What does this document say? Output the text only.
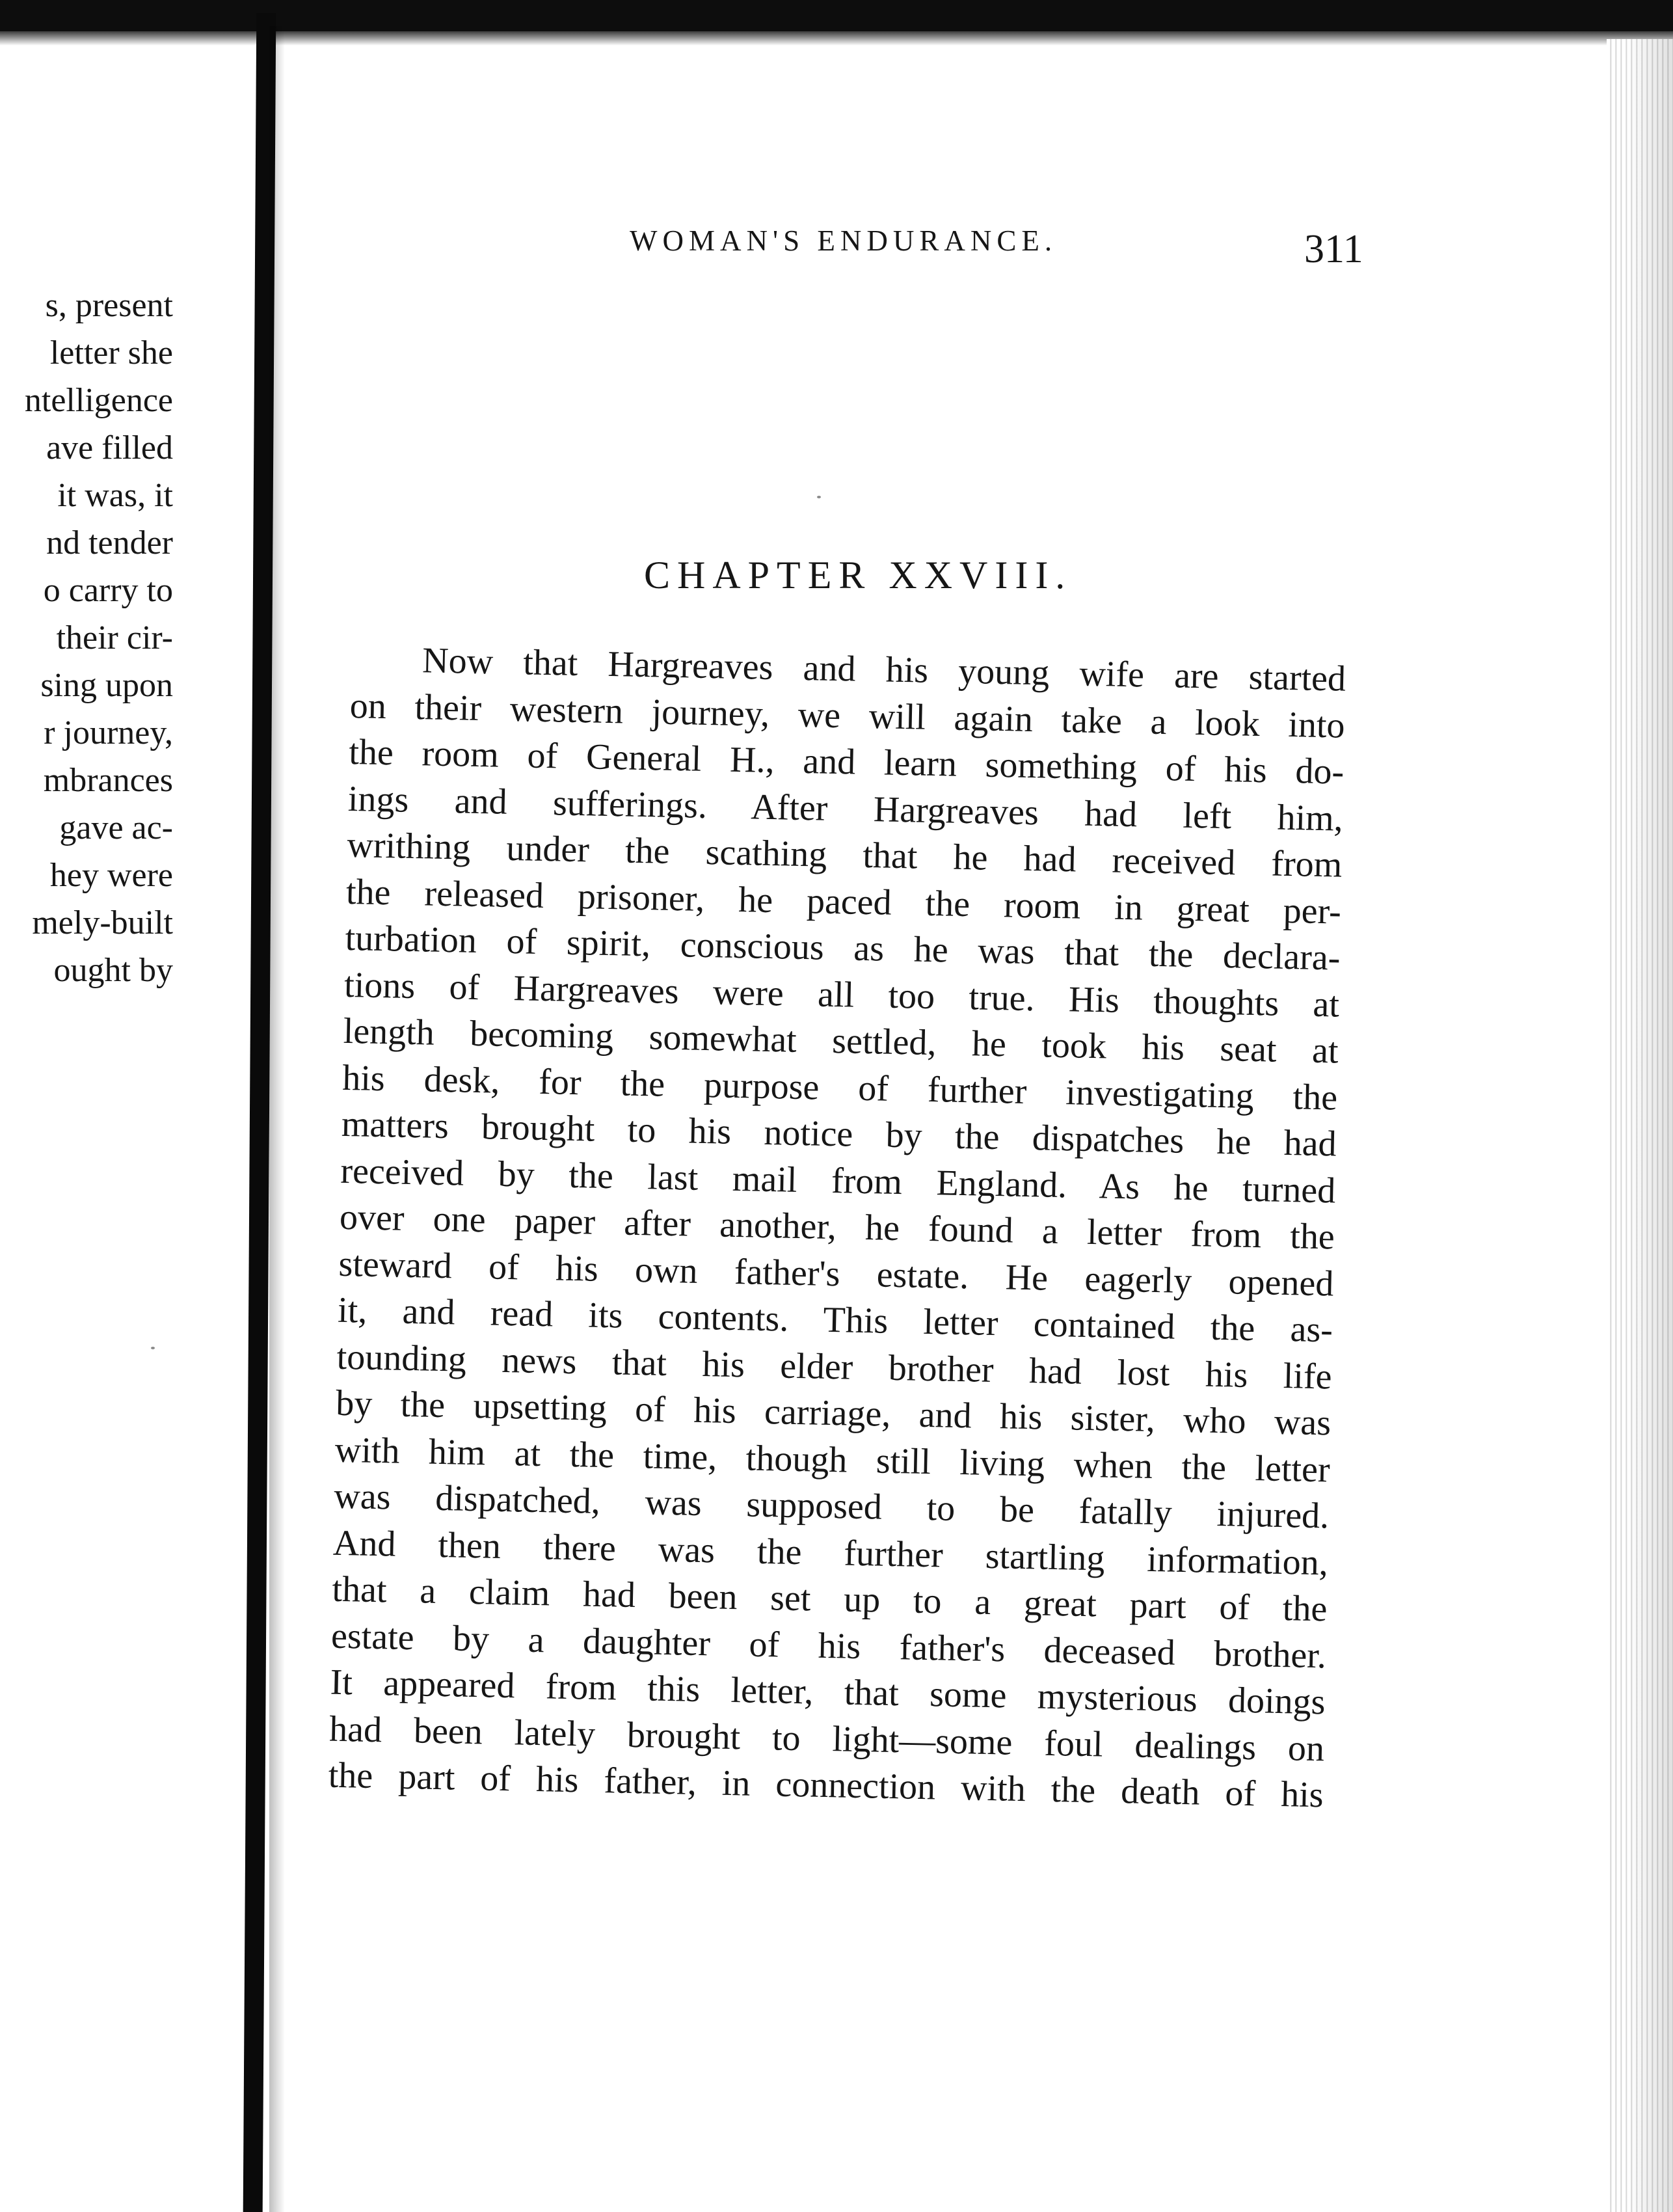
s, present
letter she
ntelligence
ave filled
it was, it
nd tender
o carry to
their cir-
sing upon
r journey,
mbrances
gave ac-
hey were
mely-built
ought by
WOMAN'S ENDURANCE.	311
CHAPTER XXVIII.
Now that Hargreaves and his young wife are started
on their western journey, we will again take a look into
the room of General H., and learn something of his do-
ings and sufferings. After Hargreaves had left him,
writhing under the scathing that he had received from
the released prisoner, he paced the room in great per-
turbation of spirit, conscious as he was that the declara-
tions of Hargreaves were all too true. His thoughts at
length becoming somewhat settled, he took his seat at
his desk, for the purpose of further investigating the
matters brought to his notice by the dispatches he had
received by the last mail from England. As he turned
over one paper after another, he found a letter from the
steward of his own father's estate. He eagerly opened
it, and read its contents. This letter contained the as-
tounding news that his elder brother had lost his life
by the upsetting of his carriage, and his sister, who was
with him at the time, though still living when the letter
was dispatched, was supposed to be fatally injured.
And then there was the further startling information,
that a claim had been set up to a great part of the
estate by a daughter of his father's deceased brother.
It appeared from this letter, that some mysterious doings
had been lately brought to light—some foul dealings on
the part of his father, in connection with the death of his
